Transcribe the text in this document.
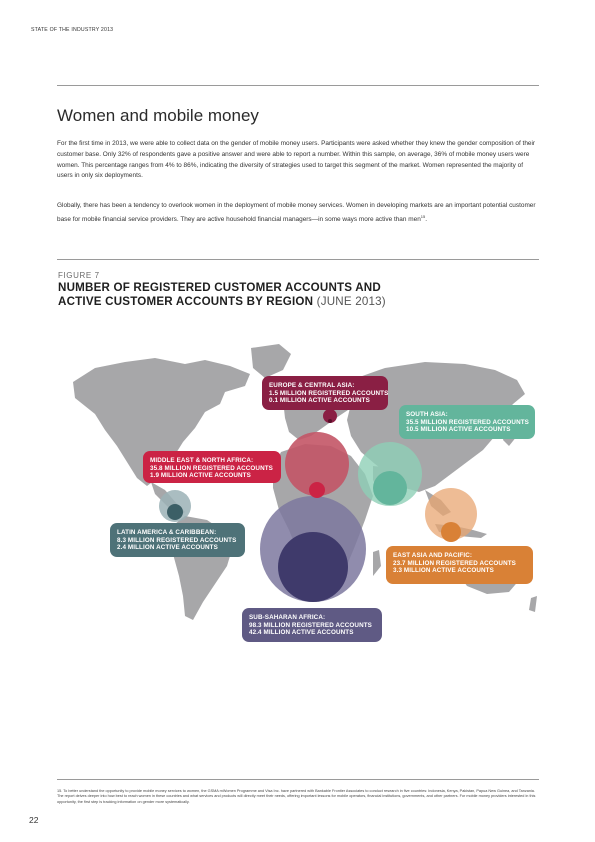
STATE OF THE INDUSTRY 2013
Women and mobile money

For the first time in 2013, we were able to collect data on the gender of mobile money users. Participants were asked whether they knew the gender composition of their customer base. Only 32% of respondents gave a positive answer and were able to report a number. Within this sample, on average, 36% of mobile money users were women. This percentage ranges from 4% to 86%, indicating the diversity of strategies used to target this segment of the market. Women represented the majority of users in only six deployments.

Globally, there has been a tendency to overlook women in the deployment of mobile money services. Women in developing markets are an important potential customer base for mobile financial service providers. They are active household financial managers—in some ways more active than men$^{15}$.

FIGURE 7
NUMBER OF REGISTERED CUSTOMER ACCOUNTS AND
ACTIVE CUSTOMER ACCOUNTS BY REGION (JUNE 2013)
EUROPE & CENTRAL ASIA:
1.5 MILLION REGISTERED ACCOUNTS
0.1 MILLION ACTIVE ACCOUNTS
SOUTH ASIA:
35.5 MILLION REGISTERED ACCOUNTS
10.5 MILLION ACTIVE ACCOUNTS
MIDDLE EAST & NORTH AFRICA:
35.8 MILLION REGISTERED ACCOUNTS
1.9 MILLION ACTIVE ACCOUNTS
LATIN AMERICA & CARIBBEAN:
8.3 MILLION REGISTERED ACCOUNTS
2.4 MILLION ACTIVE ACCOUNTS
EAST ASIA AND PACIFIC:
23.7 MILLION REGISTERED ACCOUNTS
3.3 MILLION ACTIVE ACCOUNTS
SUB-SAHARAN AFRICA:
98.3 MILLION REGISTERED ACCOUNTS
42.4 MILLION ACTIVE ACCOUNTS

15. To better understand the opportunity to provide mobile money services to women, the GSMA mWomen Programme and Visa Inc. have partnered with Bankable Frontier Associates to conduct research in five countries: Indonesia, Kenya, Pakistan, Papua New Guinea, and Tanzania. The report delves deeper into how best to reach women in these countries and what services and products will directly meet their needs, offering important lessons for mobile operators, financial institutions, governments, and other partners. For mobile money providers interested in this opportunity, the first step is tracking information on gender more systematically.

22
